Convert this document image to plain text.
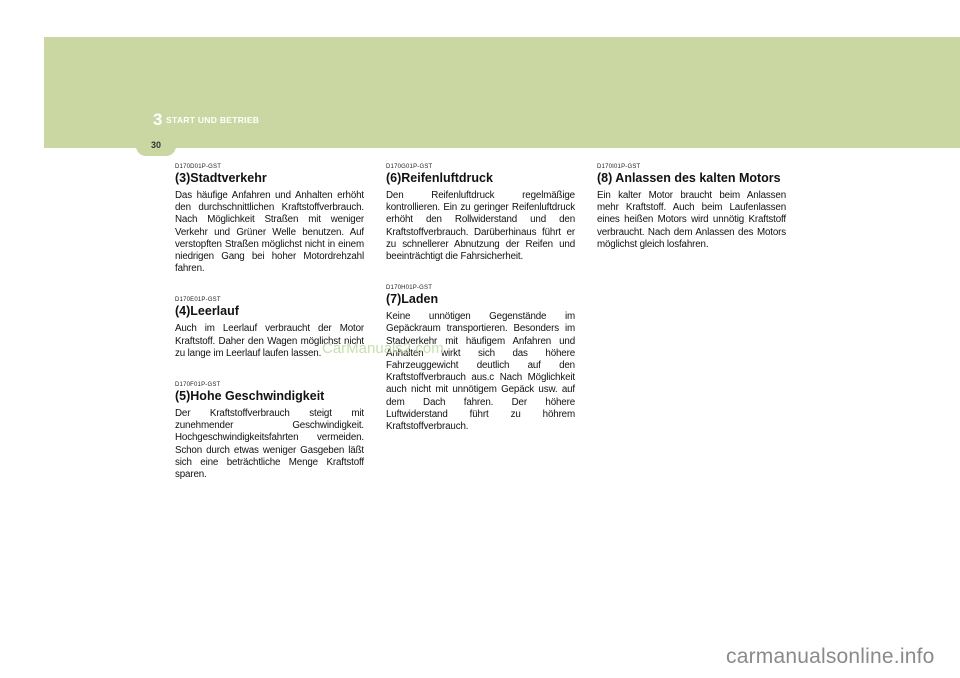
3 START UND BETRIEB
30
D170D01P-GST
(3)Stadtverkehr
Das häufige Anfahren und Anhalten erhöht den durchschnittlichen Kraftstoffverbrauch. Nach Möglichkeit Straßen mit weniger Verkehr und Grüner Welle benutzen. Auf verstopften Straßen möglichst nicht in einem niedrigen Gang bei hoher Motordrehzahl fahren.
D170E01P-GST
(4)Leerlauf
Auch im Leerlauf verbraucht der Motor Kraftstoff. Daher den Wagen möglichst nicht zu lange im Leerlauf laufen lassen.
D170F01P-GST
(5)Hohe Geschwindigkeit
Der Kraftstoffverbrauch steigt mit zunehmender Geschwindigkeit. Hochgeschwindigkeitsfahrten vermeiden. Schon durch etwas weniger Gasgeben läßt sich eine beträchtliche Menge Kraftstoff sparen.
D170G01P-GST
(6)Reifenluftdruck
Den Reifenluftdruck regelmäßige kontrollieren. Ein zu geringer Reifenluftdruck erhöht den Rollwiderstand und den Kraftstoffverbrauch. Darüberhinaus führt er zu schnellerer Abnutzung der Reifen und beeinträchtigt die Fahrsicherheit.
D170H01P-GST
(7)Laden
Keine unnötigen Gegenstände im Gepäckraum transportieren. Besonders im Stadverkehr mit häufigem Anfahren und Anhalten wirkt sich das höhere Fahrzeuggewicht deutlich auf den Kraftstoffverbrauch aus.c Nach Möglichkeit auch nicht mit unnötigem Gepäck usw. auf dem Dach fahren. Der höhere Luftwiderstand führt zu höhrem Kraftstoffverbrauch.
D170I01P-GST
(8) Anlassen des kalten Motors
Ein kalter Motor braucht beim Anlassen mehr Kraftstoff. Auch beim Laufenlassen eines heißen Motors wird unnötig Kraftstoff verbraucht. Nach dem Anlassen des Motors möglichst gleich losfahren.
CarManuals2.com
carmanualsonline.info
